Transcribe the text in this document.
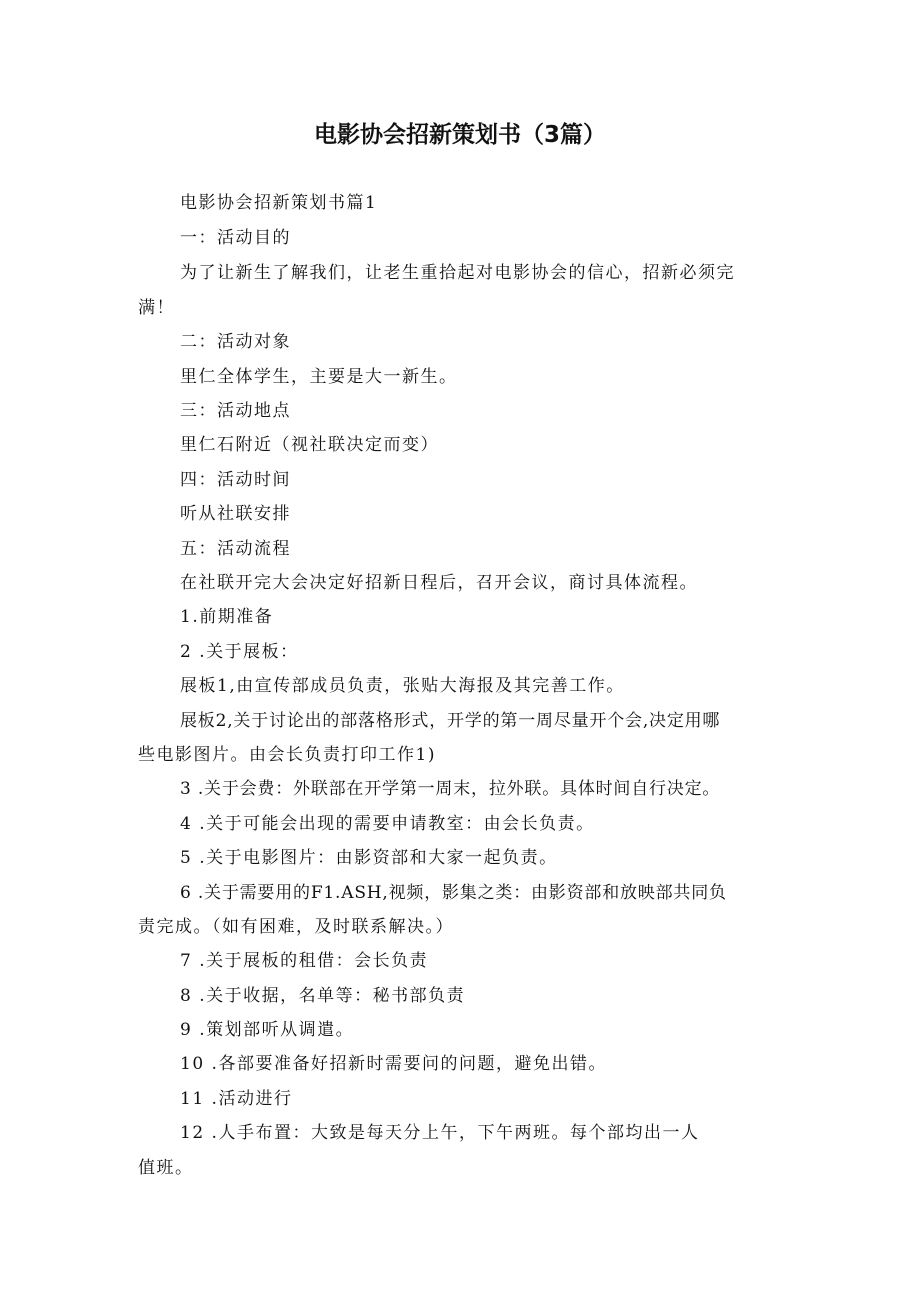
电影协会招新策划书（3篇）
电影协会招新策划书篇1
一：活动目的
为了让新生了解我们，让老生重拾起对电影协会的信心，招新必须完
满！
二：活动对象
里仁全体学生，主要是大一新生。
三：活动地点
里仁石附近（视社联决定而变）
四：活动时间
听从社联安排
五：活动流程
在社联开完大会决定好招新日程后，召开会议，商讨具体流程。
1.前期准备
2 .关于展板：
展板1,由宣传部成员负责，张贴大海报及其完善工作。
展板2,关于讨论出的部落格形式，开学的第一周尽量开个会,决定用哪
些电影图片。由会长负责打印工作1)
3 .关于会费：外联部在开学第一周末，拉外联。具体时间自行决定。
4 .关于可能会出现的需要申请教室：由会长负责。
5 .关于电影图片：由影资部和大家一起负责。
6 .关于需要用的F1.ASH,视频，影集之类：由影资部和放映部共同负
责完成。（如有困难，及时联系解决。）
7 .关于展板的租借：会长负责
8 .关于收据，名单等：秘书部负责
9 .策划部听从调遣。
10 .各部要准备好招新时需要问的问题，避免出错。
11 .活动进行
12 .人手布置：大致是每天分上午，下午两班。每个部均出一人
值班。
